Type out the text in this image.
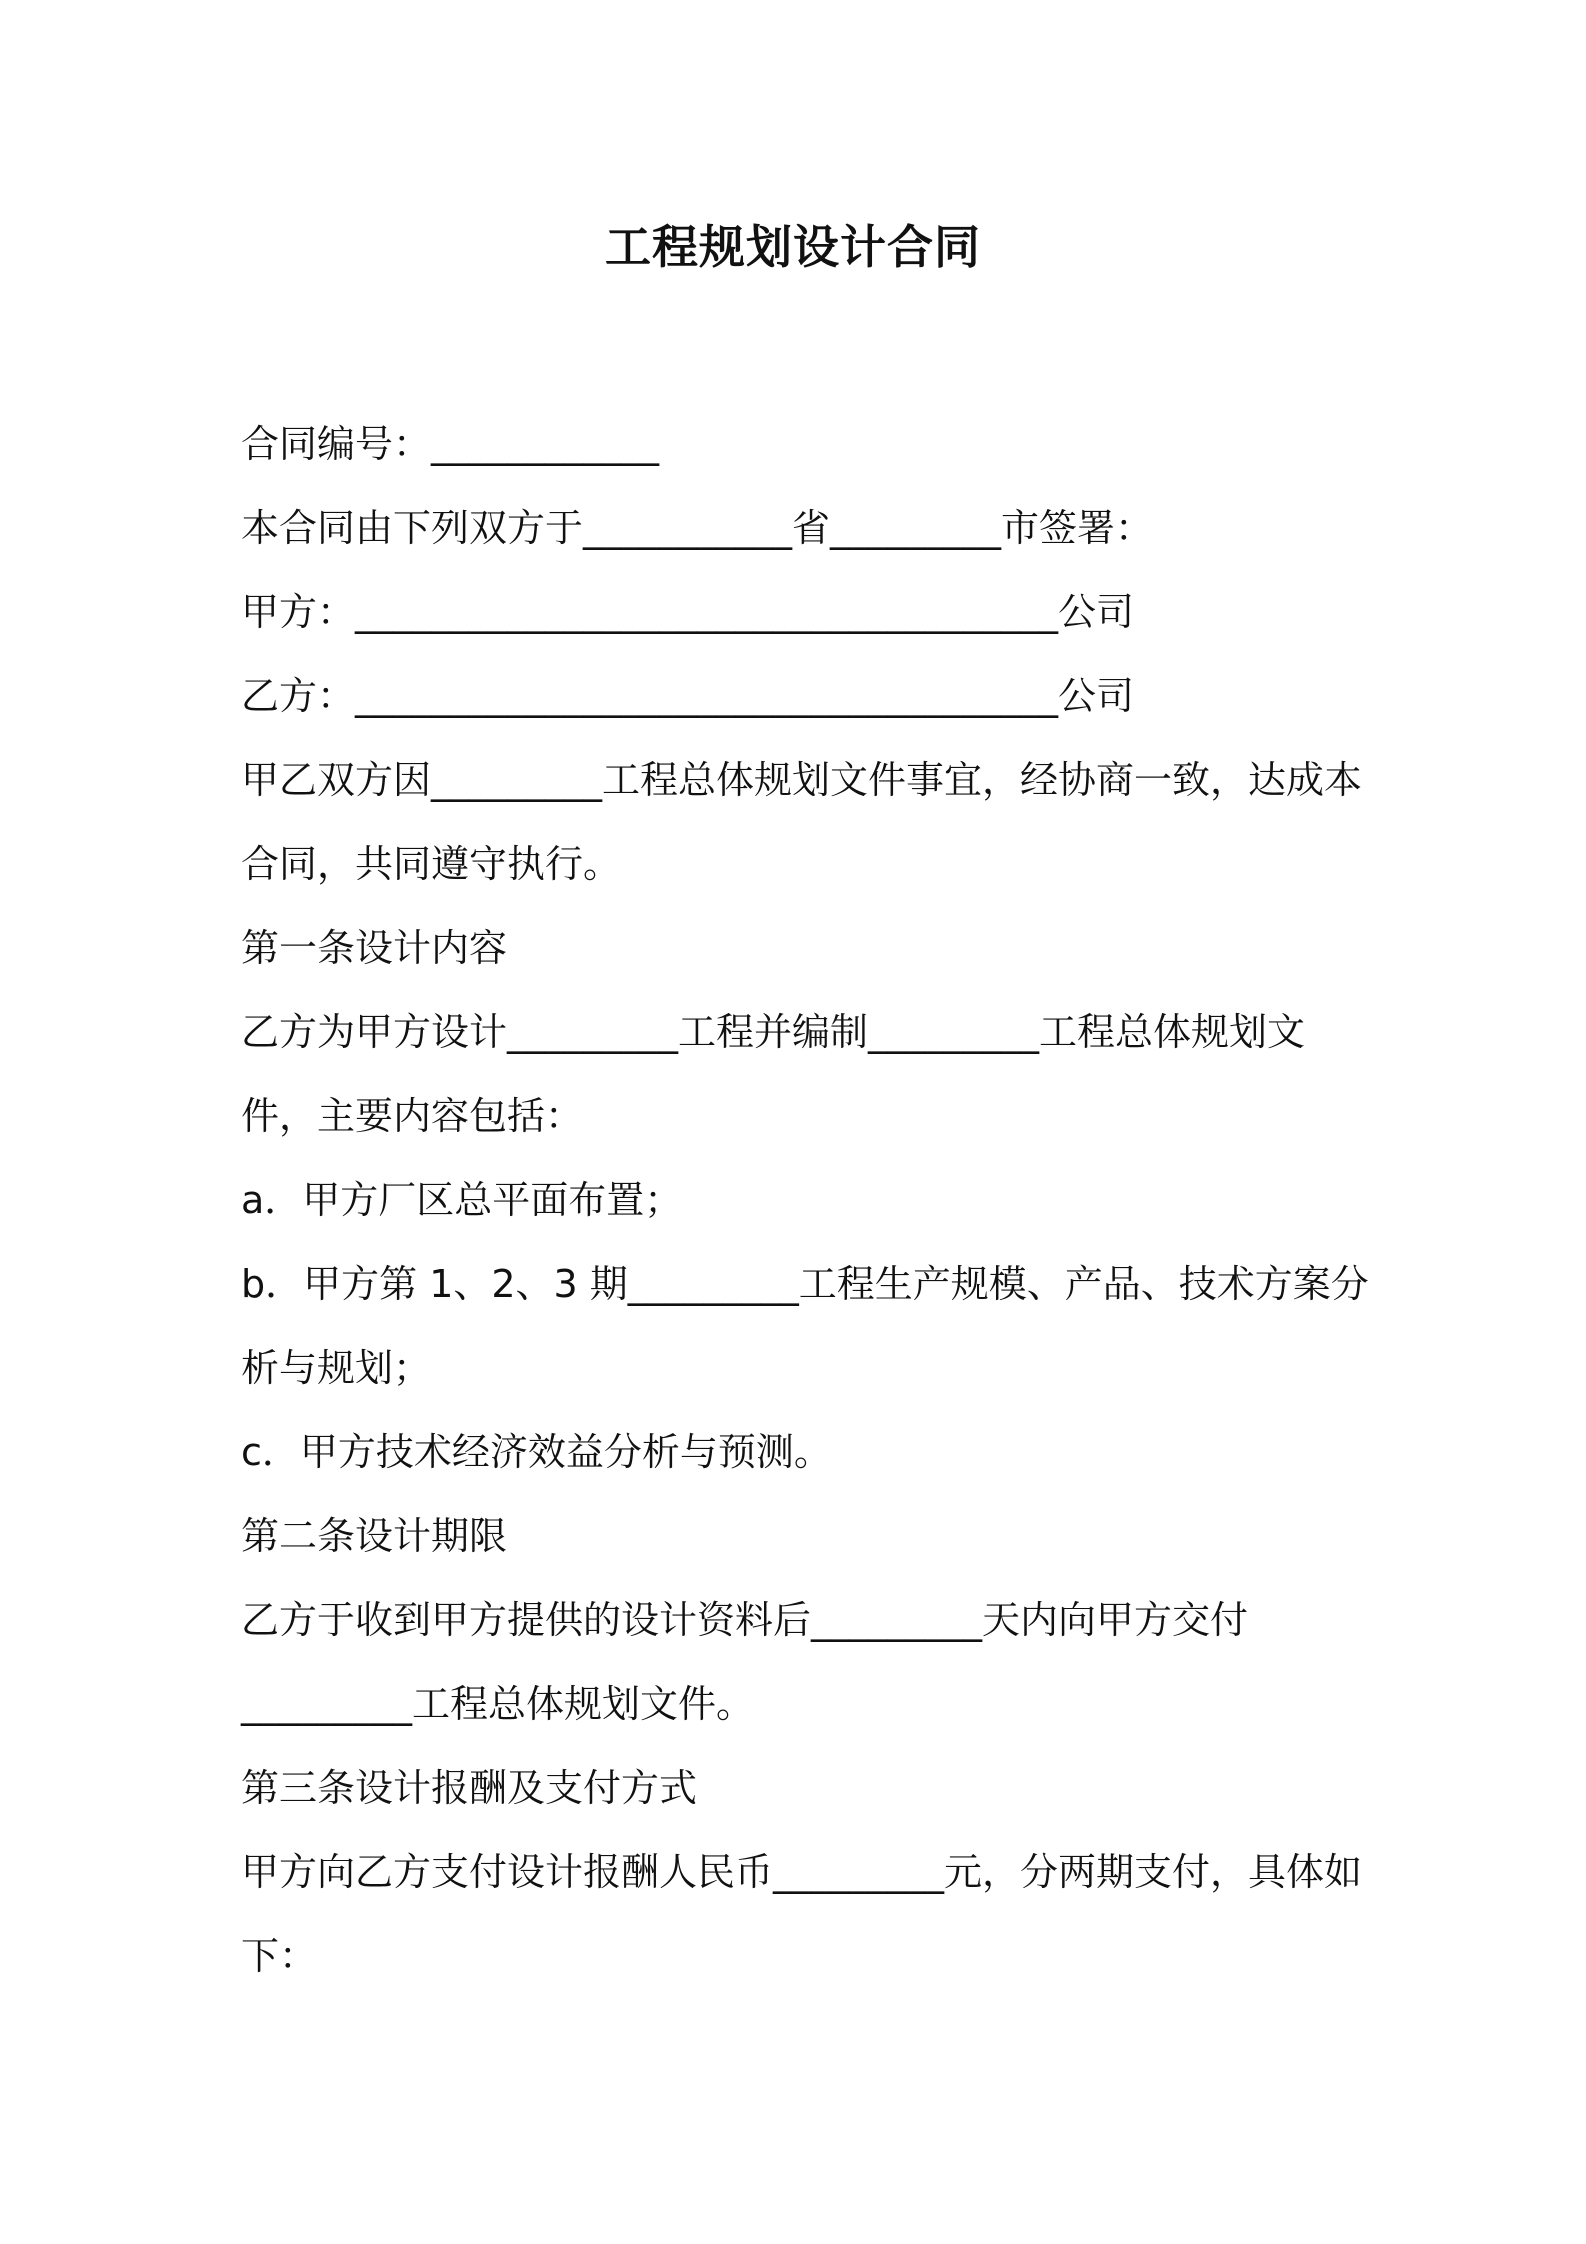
工程规划设计合同

合同编号：____________

本合同由下列双方于___________省_________市签署：

甲方：_____________________________________公司

乙方：_____________________________________公司

甲乙双方因_________工程总体规划文件事宜，经协商一致，达成本

合同，共同遵守执行。

第一条设计内容

乙方为甲方设计_________工程并编制_________工程总体规划文

件，主要内容包括：

a．甲方厂区总平面布置；

b．甲方第 1、2、3 期_________工程生产规模、产品、技术方案分

析与规划；

c．甲方技术经济效益分析与预测。

第二条设计期限

乙方于收到甲方提供的设计资料后_________天内向甲方交付

_________工程总体规划文件。

第三条设计报酬及支付方式

甲方向乙方支付设计报酬人民币_________元，分两期支付，具体如

下：
